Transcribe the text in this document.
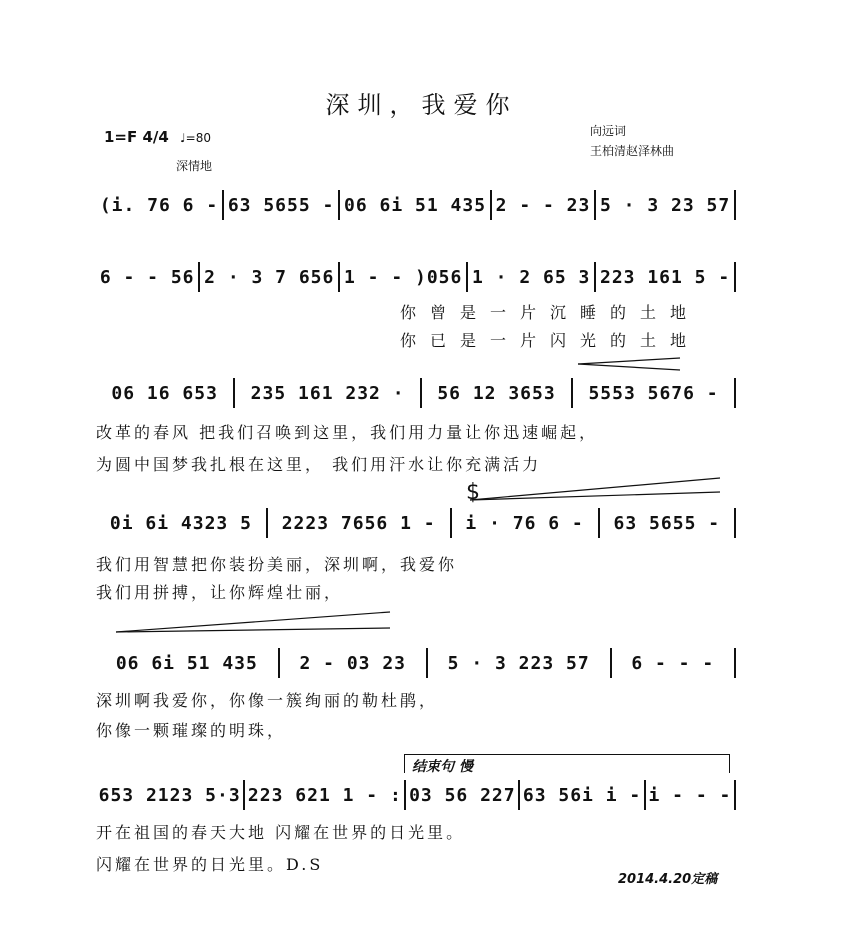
深圳，我爱你
1=F 4/4 ♩=80
深情地
向远词
王柏清赵泽林曲
$
结束句 慢
2014.4.20定稿
(i. 76 6 - 63 5655 - 06 6i 51 435 2 - - 23 5 · 3 23 57
6 - - 56 2 · 3 7 656 1 - - )056 1 · 2 65 3 223 161 5 -
你曾是一片沉睡的土地
你已是一片闪光的土地
06 16 653	235 161 232 ·	56 12 3653	5553 5676 -
改革的春风 把我们召唤到这里，我们用力量让你迅速崛起，
为圆中国梦我扎根在这里， 我们用汗水让你充满活力
0i 6i 4323 5	2223 7656 1 -	i · 76 6 -	63 5655 -
我们用智慧把你装扮美丽，深圳啊，我爱你
我们用拼搏，让你辉煌壮丽，
06 6i 51 435	2 - 03 23	5 · 3 223 57	6 - - -
深圳啊我爱你，你像一簇绚丽的勒杜鹃，
你像一颗璀璨的明珠，
653 2123 5·3 223 621 1 - : 03 56 227 63 56i i - i - - -
开在祖国的春天大地 闪耀在世界的日光里。
闪耀在世界的日光里。D.S
